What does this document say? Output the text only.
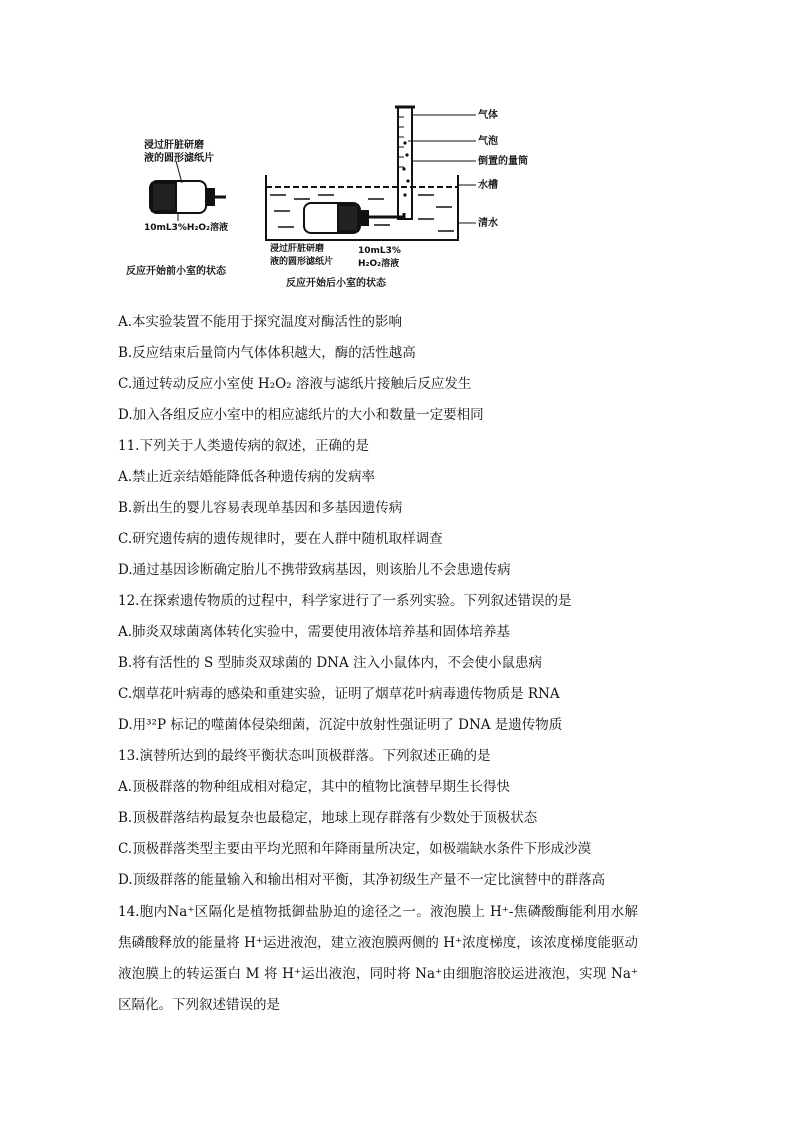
浸过肝脏研磨
液的圆形滤纸片
10mL3%H₂O₂溶液
反应开始前小室的状态
浸过肝脏研磨
液的圆形滤纸片
10mL3%
H₂O₂溶液
反应开始后小室的状态
气体
气泡
倒置的量筒
水槽
清水
A.本实验装置不能用于探究温度对酶活性的影响
B.反应结束后量筒内气体体积越大，酶的活性越高
C.通过转动反应小室使 H₂O₂ 溶液与滤纸片接触后反应发生
D.加入各组反应小室中的相应滤纸片的大小和数量一定要相同
11.下列关于人类遗传病的叙述，正确的是
A.禁止近亲结婚能降低各种遗传病的发病率
B.新出生的婴儿容易表现单基因和多基因遗传病
C.研究遗传病的遗传规律时，要在人群中随机取样调查
D.通过基因诊断确定胎儿不携带致病基因，则该胎儿不会患遗传病
12.在探索遗传物质的过程中，科学家进行了一系列实验。下列叙述错误的是
A.肺炎双球菌离体转化实验中，需要使用液体培养基和固体培养基
B.将有活性的 S 型肺炎双球菌的 DNA 注入小鼠体内，不会使小鼠患病
C.烟草花叶病毒的感染和重建实验，证明了烟草花叶病毒遗传物质是 RNA
D.用³²P 标记的噬菌体侵染细菌，沉淀中放射性强证明了 DNA 是遗传物质
13.演替所达到的最终平衡状态叫顶极群落。下列叙述正确的是
A.顶极群落的物种组成相对稳定，其中的植物比演替早期生长得快
B.顶极群落结构最复杂也最稳定，地球上现存群落有少数处于顶极状态
C.顶极群落类型主要由平均光照和年降雨量所决定，如极端缺水条件下形成沙漠
D.顶级群落的能量输入和输出相对平衡，其净初级生产量不一定比演替中的群落高
14.胞内Na⁺区隔化是植物抵御盐胁迫的途径之一。液泡膜上 H⁺-焦磷酸酶能利用水解焦磷酸释放的能量将 H⁺运进液泡，建立液泡膜两侧的 H⁺浓度梯度，该浓度梯度能驱动液泡膜上的转运蛋白 M 将 H⁺运出液泡，同时将 Na⁺由细胞溶胶运进液泡，实现 Na⁺区隔化。下列叙述错误的是
